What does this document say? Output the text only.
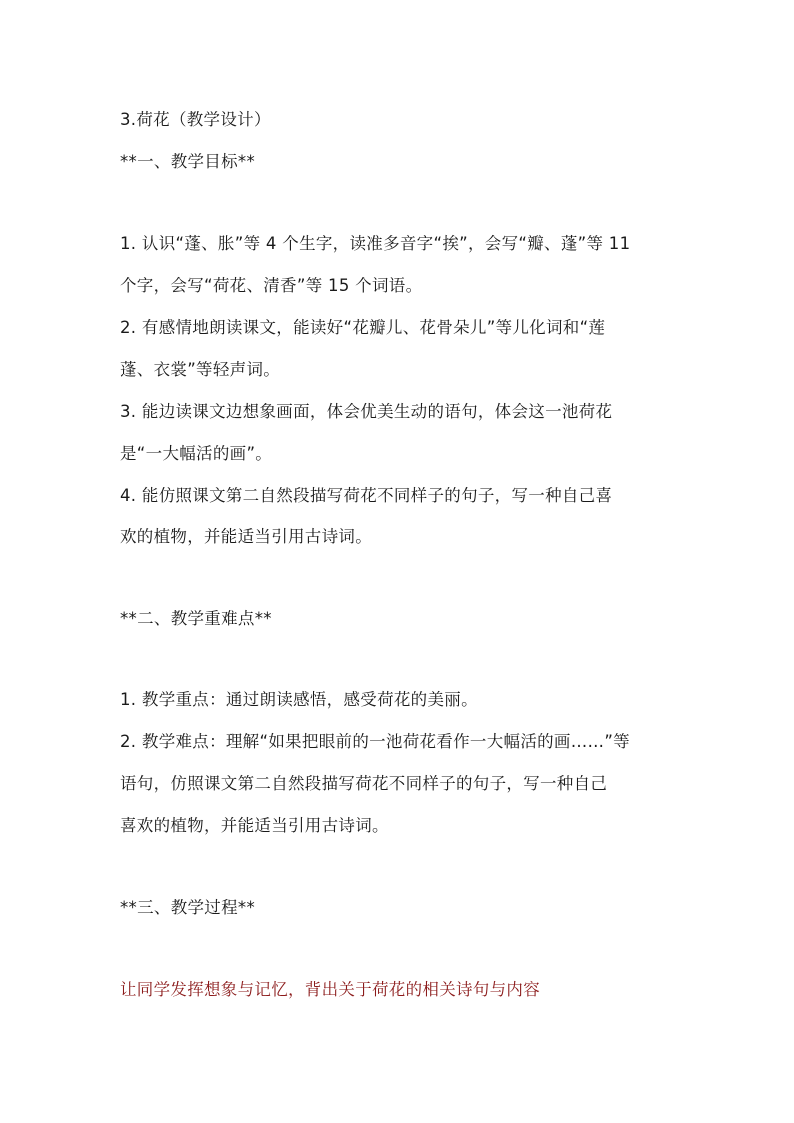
3.荷花（教学设计）
**一、教学目标**
1. 认识“蓬、胀”等 4 个生字，读准多音字“挨”，会写“瓣、蓬”等 11
个字，会写“荷花、清香”等 15 个词语。
2. 有感情地朗读课文，能读好“花瓣儿、花骨朵儿”等儿化词和“莲
蓬、衣裳”等轻声词。
3. 能边读课文边想象画面，体会优美生动的语句，体会这一池荷花
是“一大幅活的画”。
4. 能仿照课文第二自然段描写荷花不同样子的句子，写一种自己喜
欢的植物，并能适当引用古诗词。
**二、教学重难点**
1. 教学重点：通过朗读感悟，感受荷花的美丽。
2. 教学难点：理解“如果把眼前的一池荷花看作一大幅活的画……”等
语句，仿照课文第二自然段描写荷花不同样子的句子，写一种自己
喜欢的植物，并能适当引用古诗词。
**三、教学过程**
让同学发挥想象与记忆，背出关于荷花的相关诗句与内容
